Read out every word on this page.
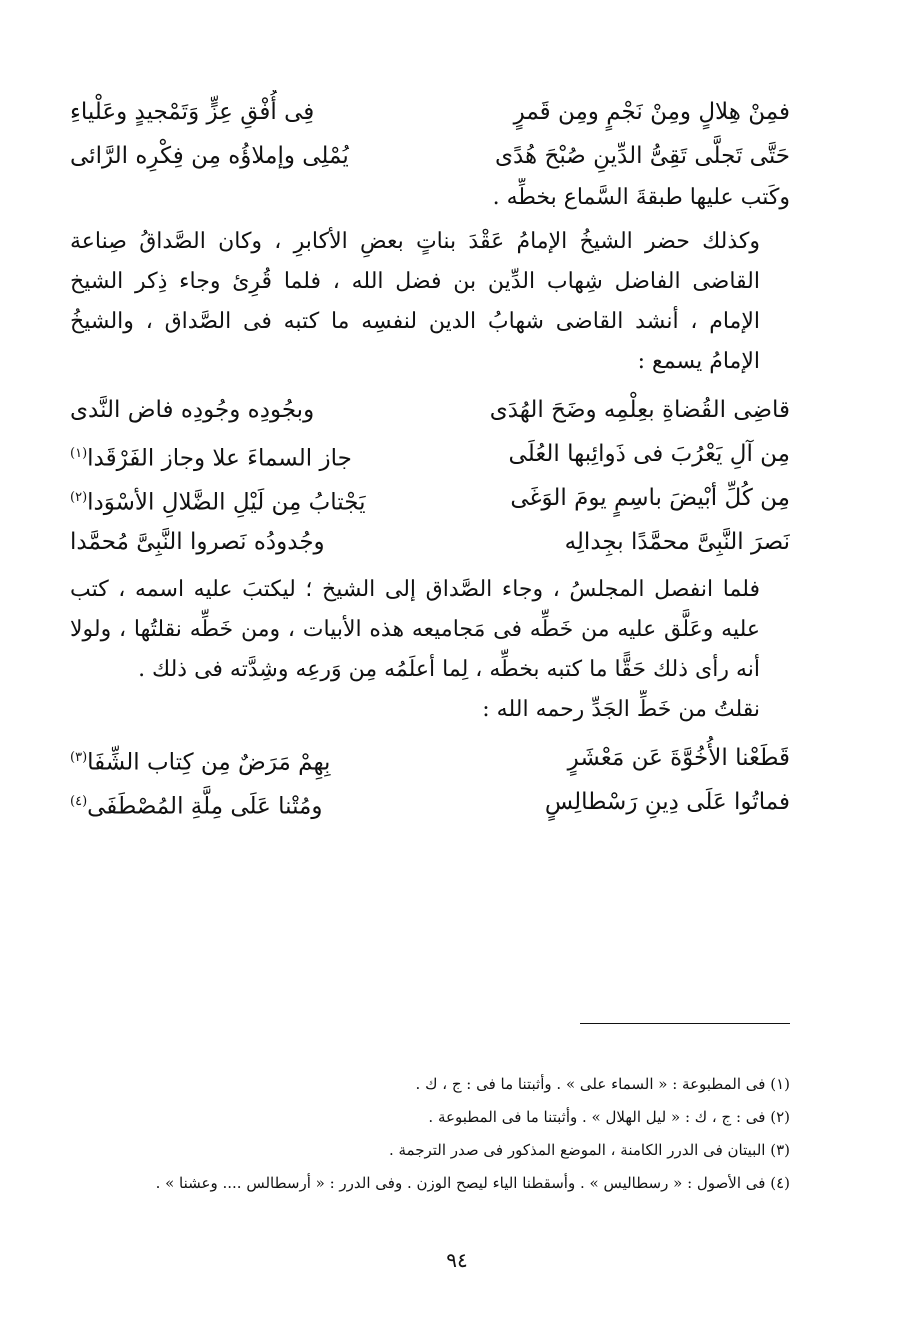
فمِنْ هِلالٍ ومِنْ نَجْمٍ ومِن قَمرٍ
فِى أُفْقِ عِزٍّ وَتَمْجيدٍ وعَلْياءِ
حَتَّى تَجلَّى تَقِىُّ الدِّينِ صُبْحَ هُدًى
يُمْلِى وإملاؤُه مِن فِكْرِه الرَّائى
وكَتب عليها طبقةَ السَّماع بخطِّه .
وكذلك حضر الشيخُ الإمامُ عَقْدَ بناتٍ بعضِ الأكابرِ ، وكان الصَّداقُ صِناعة القاضى الفاضل شِهاب الدِّين بن فضل الله ، فلما قُرِئ وجاء ذِكر الشيخ الإمام ، أنشد القاضى شهابُ الدين لنفسِه ما كتبه فى الصَّداق ، والشيخُ الإمامُ يسمع :
قاضِى القُضاةِ بعِلْمِه وضَحَ الهُدَى
وبجُودِه وجُودِه فاض النَّدى
مِن آلِ يَعْرُبَ فى ذَوائِبها العُلَى
جاز السماءَ علا وجاز الفَرْقَدا$^{(١)}$
مِن كُلِّ أبْيضَ باسِمٍ يومَ الوَغَى
يَجْتابُ مِن لَيْلِ الضَّلالِ الأسْوَدا$^{(٢)}$
نَصرَ النَّبِىَّ محمَّدًا بجِدالِه
وجُدودُه نَصروا النَّبِىَّ مُحمَّدا
فلما انفصل المجلسُ ، وجاء الصَّداق إلى الشيخ ؛ ليكتبَ عليه اسمه ، كتب عليه وعَلَّق عليه من خَطِّه فى مَجاميعه هذه الأبيات ، ومن خَطِّه نقلتُها ، ولولا أنه رأى ذلك حَقًّا ما كتبه بخطِّه ، لِما أعلَمُه مِن وَرعِه وشِدَّته فى ذلك .
نقلتُ من خَطِّ الجَدِّ رحمه الله :
قَطَعْنا الأُخُوَّةَ عَن مَعْشَرٍ
بِهِمْ مَرَضٌ مِن كِتاب الشِّفَا$^{(٣)}$
فماتُوا عَلَى دِينِ رَسْطالِسٍ
ومُتْنا عَلَى مِلَّةِ المُصْطَفَى$^{(٤)}$
(١) فى المطبوعة : « السماء على » . وأثبتنا ما فى : ج ، ك .
(٢) فى : ج ، ك : « ليل الهلال » . وأثبتنا ما فى المطبوعة .
(٣) البيتان فى الدرر الكامنة ، الموضع المذكور فى صدر الترجمة .
(٤) فى الأصول : « رسطاليس » . وأسقطنا الياء ليصح الوزن . وفى الدرر : « أرسطالس .... وعشنا » .
٩٤
